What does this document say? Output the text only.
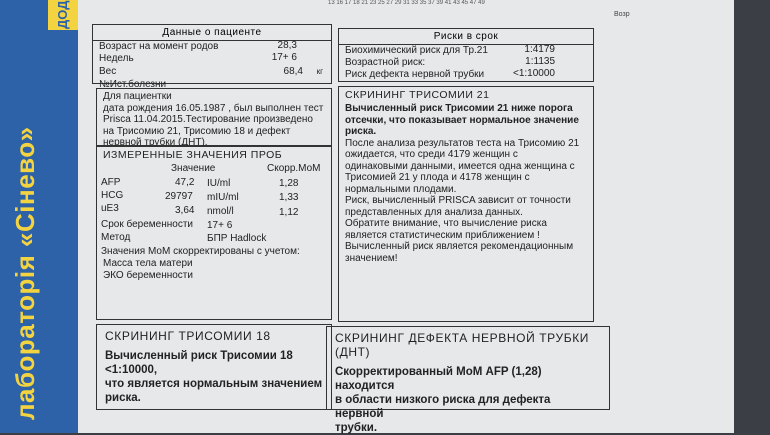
ДОД
лабораторія «Сінево»
13 16 17 18 21 23 25 27 29 31 33 35 37 39 41 43 45 47 49
Возр
Данные о пациенте
Возраст на момент родов	28,3
Недель	17+ 6
Вес	68,4 кг
№Ист.болезни
Риски в срок
Биохимический риск для Тр.21	1:4179
Возрастной риск:	1:1135
Риск дефекта нервной трубки	<1:10000
Для пациентки
дата рождения 16.05.1987 , был выполнен тест
Prisca 11.04.2015.Тестирование произведено
на Трисомию 21, Трисомию 18 и дефект
нервной трубки (ДНТ).
ИЗМЕРЕННЫЕ ЗНАЧЕНИЯ ПРОБ
Значение	Скорр.МоМ
AFP	47,2 IU/ml	1,28
HCG	29797 mIU/ml	1,33
uE3	3,64 nmol/l	1,12
Срок беременности 17+ 6
Метод	БПР Hadlock
Значения МоМ скорректированы с учетом:
Масса тела матери
ЭКО беременности
СКРИНИНГ ТРИСОМИИ 21
Вычисленный риск Трисомии 21 ниже порога
отсечки, что показывает нормальное значение
риска.
После анализа результатов теста на Трисомию 21
ожидается, что среди 4179 женщин с
одинаковыми данными, имеется одна женщина с
Трисомией 21 у плода и 4178 женщин с
нормальными плодами.
Риск, вычисленный PRISCA зависит от точности
представленных для анализа данных.
Обратите внимание, что вычисление риска
является статистическим приближением !
Вычисленный риск является рекомендационным
значением!
СКРИНИНГ ТРИСОМИИ 18
Вычисленный риск Трисомии 18 <1:10000,
что является нормальным значением
риска.
СКРИНИНГ ДЕФЕКТА НЕРВНОЙ ТРУБКИ (ДНТ)
Скорректированный МоМ AFP (1,28) находится
в области низкого риска для дефекта нервной
трубки.
